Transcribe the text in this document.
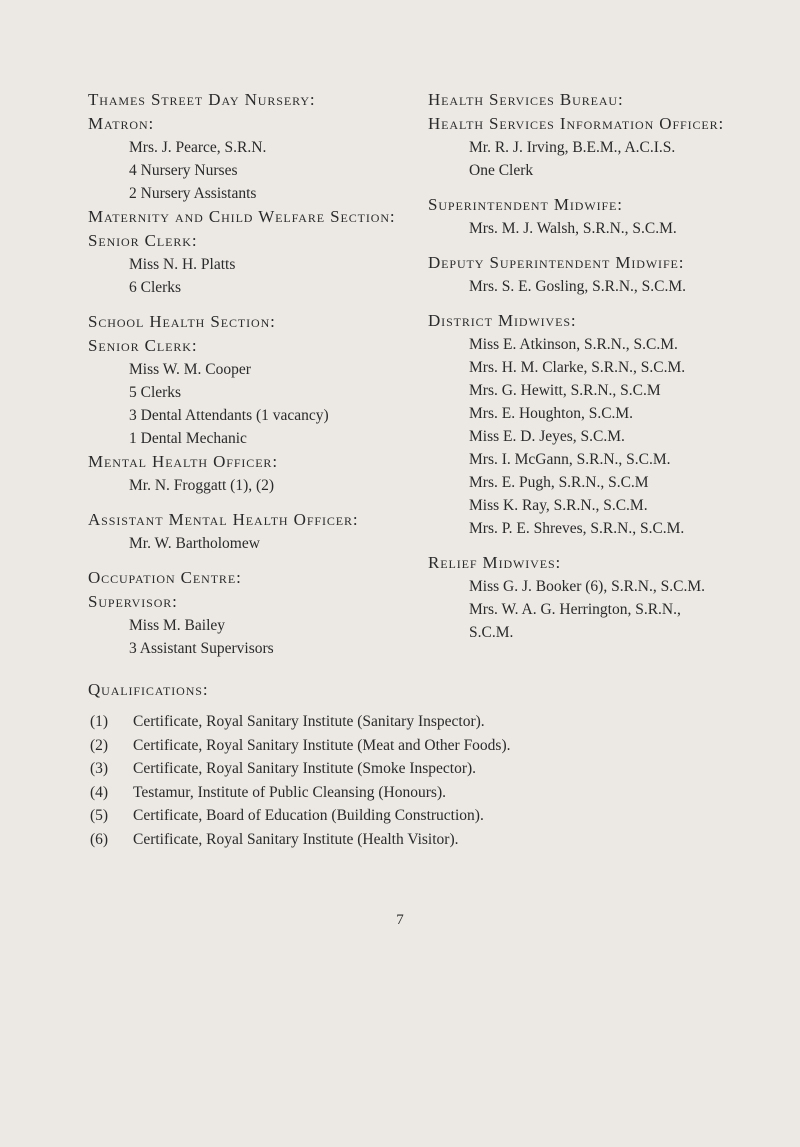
Thames Street Day Nursery:
Matron:
Mrs. J. Pearce, S.R.N.
4 Nursery Nurses
2 Nursery Assistants
Maternity and Child Welfare Section:
Senior Clerk:
Miss N. H. Platts
6 Clerks
School Health Section:
Senior Clerk:
Miss W. M. Cooper
5 Clerks
3 Dental Attendants (1 vacancy)
1 Dental Mechanic
Mental Health Officer:
Mr. N. Froggatt (1), (2)
Assistant Mental Health Officer:
Mr. W. Bartholomew
Occupation Centre:
Supervisor:
Miss M. Bailey
3 Assistant Supervisors
Health Services Bureau:
Health Services Information Officer:
Mr. R. J. Irving, B.E.M., A.C.I.S.
One Clerk
Superintendent Midwife:
Mrs. M. J. Walsh, S.R.N., S.C.M.
Deputy Superintendent Midwife:
Mrs. S. E. Gosling, S.R.N., S.C.M.
District Midwives:
Miss E. Atkinson, S.R.N., S.C.M.
Mrs. H. M. Clarke, S.R.N., S.C.M.
Mrs. G. Hewitt, S.R.N., S.C.M
Mrs. E. Houghton, S.C.M.
Miss E. D. Jeyes, S.C.M.
Mrs. I. McGann, S.R.N., S.C.M.
Mrs. E. Pugh, S.R.N., S.C.M
Miss K. Ray, S.R.N., S.C.M.
Mrs. P. E. Shreves, S.R.N., S.C.M.
Relief Midwives:
Miss G. J. Booker (6), S.R.N., S.C.M.
Mrs. W. A. G. Herrington, S.R.N.,
S.C.M.
Qualifications:
(1)	Certificate, Royal Sanitary Institute (Sanitary Inspector).
(2)	Certificate, Royal Sanitary Institute (Meat and Other Foods).
(3)	Certificate, Royal Sanitary Institute (Smoke Inspector).
(4)	Testamur, Institute of Public Cleansing (Honours).
(5)	Certificate, Board of Education (Building Construction).
(6)	Certificate, Royal Sanitary Institute (Health Visitor).
7
